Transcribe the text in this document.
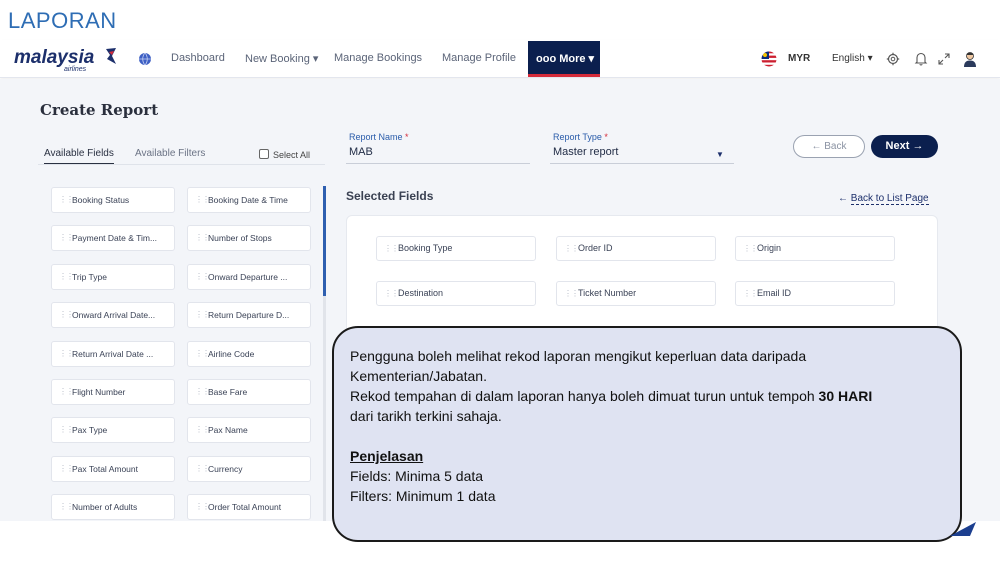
LAPORAN
malaysia
airlines
Dashboard New Booking ▾ Manage Bookings Manage Profile	ooo More ▾	MYR English ▾
Create Report
Available Fields Available Filters	Select All
Report Name *
MAB
Report Type *
Master report	▼
← Back	Next →
⋮⋮ Booking Status	⋮⋮ Booking Date & Time
⋮⋮ Payment Date & Tim...	⋮⋮ Number of Stops
⋮⋮ Trip Type	⋮⋮ Onward Departure ...
⋮⋮ Onward Arrival Date...	⋮⋮ Return Departure D...
⋮⋮ Return Arrival Date ...	⋮⋮ Airline Code
⋮⋮ Flight Number	⋮⋮ Base Fare
⋮⋮ Pax Type	⋮⋮ Pax Name
⋮⋮ Pax Total Amount	⋮⋮ Currency
⋮⋮ Number of Adults	⋮⋮ Order Total Amount
Selected Fields	← Back to List Page
⋮⋮ Booking Type	⋮⋮ Order ID	⋮⋮ Origin
⋮⋮ Destination	⋮⋮ Ticket Number	⋮⋮ Email ID

Pengguna boleh melihat rekod laporan mengikut keperluan data daripada

Kementerian/Jabatan.

Rekod tempahan di dalam laporan hanya boleh dimuat turun untuk tempoh 30 HARI

dari tarikh terkini sahaja.

Penjelasan

Fields: Minima 5 data

Filters: Minimum 1 data
